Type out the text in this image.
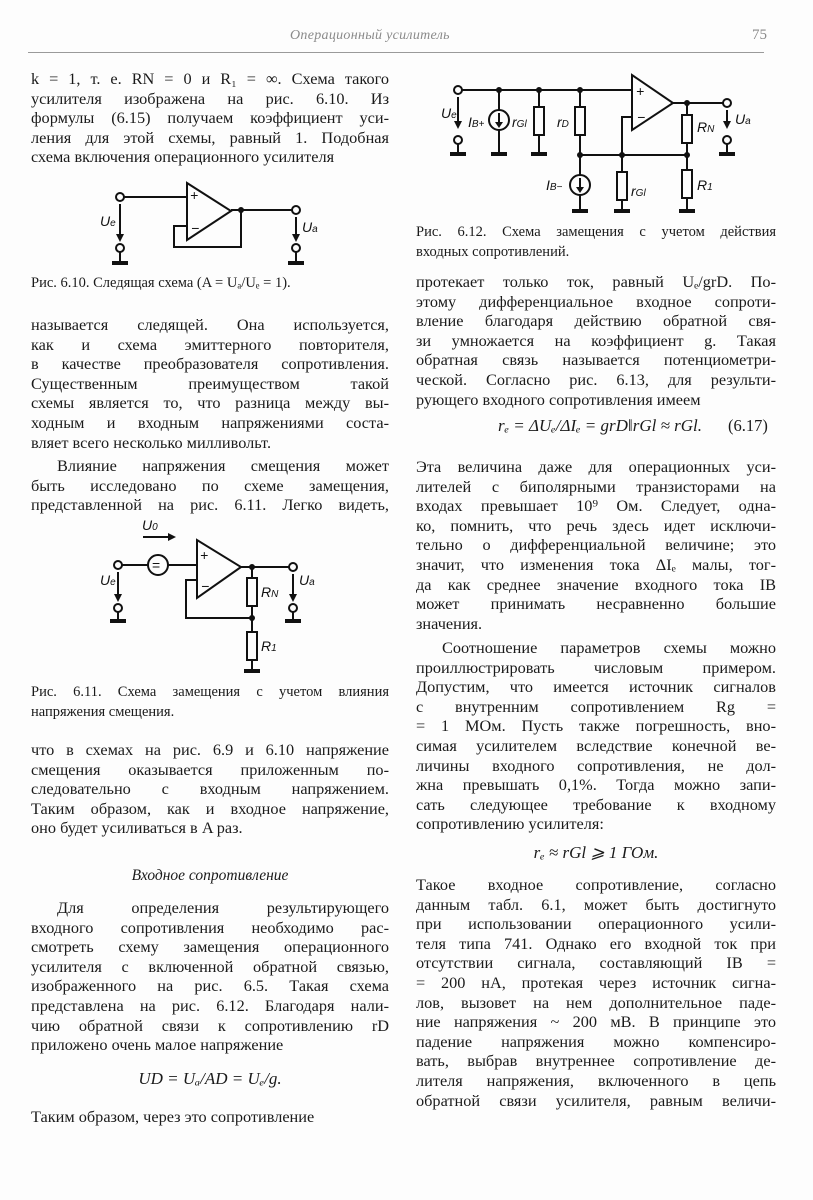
Операционный усилитель	75
k = 1, т. е. RN = 0 и R₁ = ∞. Схема такого
усилителя изображена на рис. 6.10. Из
формулы (6.15) получаем коэффициент уси-
ления для этой схемы, равный 1. Подобная
схема включения операционного усилителя
+
−
Ue	Ua
Рис. 6.10. Следящая схема (A = Uₐ/Uₑ = 1).
называется следящей. Она используется,
как и схема эмиттерного повторителя,
в качестве преобразователя сопротивления.
Существенным преимуществом такой
схемы является то, что разница между вы-
ходным и входным напряжениями соста-
вляет всего несколько милливольт.
Влияние напряжения смещения может
быть исследовано по схеме замещения,
представленной на рис. 6.11. Легко видеть,
U0
=
+
−
Ue	Ua
RN
R1
Рис. 6.11. Схема замещения с учетом влияния
напряжения смещения.
что в схемах на рис. 6.9 и 6.10 напряжение
смещения оказывается приложенным по-
следовательно с входным напряжением.
Таким образом, как и входное напряжение,
оно будет усиливаться в A раз.
Входное сопротивление
Для определения результирующего
входного сопротивления необходимо рас-
смотреть схему замещения операционного
усилителя с включенной обратной связью,
изображенного на рис. 6.5. Такая схема
представлена на рис. 6.12. Благодаря нали-
чию обратной связи к сопротивлению rD
приложено очень малое напряжение
UD = Uₐ/AD = Uₑ/g.
Таким образом, через это сопротивление
+
−
Ue IB+ rGl rD	RN
Ua
IB−	rGl
R1
Рис. 6.12. Схема замещения с учетом действия
входных сопротивлений.
протекает только ток, равный Uₑ/grD. По-
этому дифференциальное входное сопроти-
вление благодаря действию обратной свя-
зи умножается на коэффициент g. Такая
обратная связь называется потенциометри-
ческой. Согласно рис. 6.13, для результи-
рующего входного сопротивления имеем
rₑ = ΔUₑ/ΔIₑ = grD‖rGl ≈ rGl.	(6.17)
Эта величина даже для операционных уси-
лителей с биполярными транзисторами на
входах превышает 10⁹ Ом. Следует, одна-
ко, помнить, что речь здесь идет исключи-
тельно о дифференциальной величине; это
значит, что изменения тока ΔIₑ малы, тог-
да как среднее значение входного тока IB
может принимать несравненно большие
значения.
Соотношение параметров схемы можно
проиллюстрировать числовым примером.
Допустим, что имеется источник сигналов
с внутренним сопротивлением Rg =
= 1 МОм. Пусть также погрешность, вно-
симая усилителем вследствие конечной ве-
личины входного сопротивления, не дол-
жна превышать 0,1%. Тогда можно запи-
сать следующее требование к входному
сопротивлению усилителя:
rₑ ≈ rGl ⩾ 1 ГОм.
Такое входное сопротивление, согласно
данным табл. 6.1, может быть достигнуто
при использовании операционного усили-
теля типа 741. Однако его входной ток при
отсутствии сигнала, составляющий IB =
= 200 нА, протекая через источник сигна-
лов, вызовет на нем дополнительное паде-
ние напряжения ~ 200 мВ. В принципе это
падение напряжения можно компенсиро-
вать, выбрав внутреннее сопротивление де-
лителя напряжения, включенного в цепь
обратной связи усилителя, равным величи-
